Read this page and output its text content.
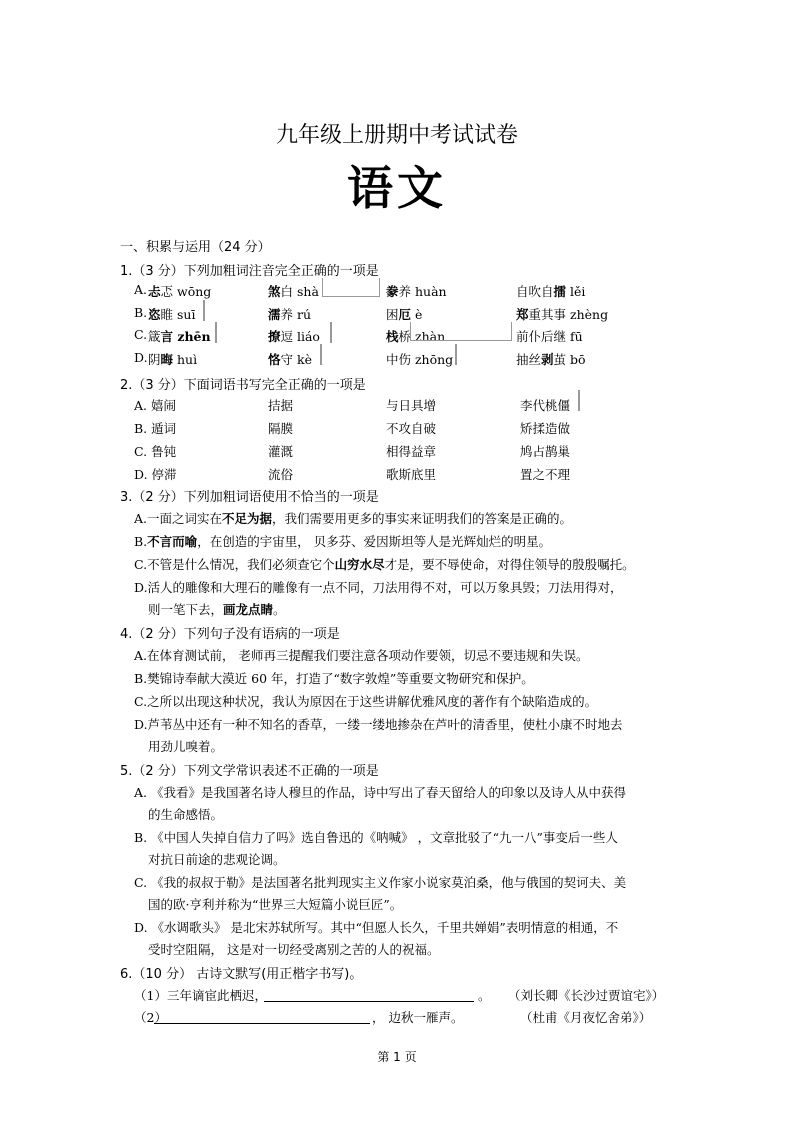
九年级上册期中考试试卷
语文
一、积累与运用（24 分）
1.（3 分）下列加粗词注音完全正确的一项是
A. 忐忑 wōng	煞白 shà	豢养 huàn	自吹自擂 lěi
B. 恣睢 suī	濡养 rú	困厄 è	郑重其事 zhèng
C. 箴言 zhēn	撩逗 liáo	栈桥 zhàn	前仆后继 fū
D. 阴晦 huì	恪守 kè	中伤 zhōng	抽丝剥茧 bō
2.（3 分）下面词语书写完全正确的一项是
A. 嬉闹	拮据	与日具增	李代桃僵
B. 遁词	隔膜	不攻自破	矫揉造做
C. 鲁钝	灌溉	相得益章	鸠占鹊巢
D. 停滞	流俗	歌斯底里	置之不理
3.（2 分）下列加粗词语使用不恰当的一项是
A.一面之词实在不足为据，我们需要用更多的事实来证明我们的答案是正确的。
B.不言而喻，在创造的宇宙里， 贝多芬、爱因斯坦等人是光辉灿烂的明星。
C.不管是什么情况，我们必须查它个山穷水尽才是，要不辱使命，对得住领导的殷殷嘱托。
D.活人的雕像和大理石的雕像有一点不同，刀法用得不对，可以万象具毁；刀法用得对，
则一笔下去，画龙点睛。
4.（2 分）下列句子没有语病的一项是
A.在体育测试前， 老师再三提醒我们要注意各项动作要领，切忌不要违规和失误。
B.樊锦诗奉献大漠近 60 年，打造了“数字敦煌”等重要文物研究和保护。
C.之所以出现这种状况，我认为原因在于这些讲解优雅风度的著作有个缺陷造成的。
D.芦苇丛中还有一种不知名的香草，一缕一缕地掺杂在芦叶的清香里，使杜小康不时地去
用劲儿嗅着。
5.（2 分）下列文学常识表述不正确的一项是
A. 《我看》是我国著名诗人穆旦的作品，诗中写出了春天留给人的印象以及诗人从中获得
的生命感悟。
B. 《中国人失掉自信力了吗》选自鲁迅的《呐喊》 ，文章批驳了“九一八”事变后一些人
对抗日前途的悲观论调。
C. 《我的叔叔于勒》是法国著名批判现实主义作家小说家莫泊桑，他与俄国的契诃夫、美
国的欧·亨利并称为“世界三大短篇小说巨匠”。
D. 《水调歌头》 是北宋苏轼所写。其中“但愿人长久，千里共婵娟”表明情意的相通，不
受时空阻隔， 这是对一切经受离别之苦的人的祝福。
6.（10 分） 古诗文默写(用正楷字书写)。
（1）三年谪宦此栖迟，	。 （刘长卿《长沙过贾谊宅》）
（2）	， 边秋一雁声。	（杜甫《月夜忆舍弟》）
第 1 页
